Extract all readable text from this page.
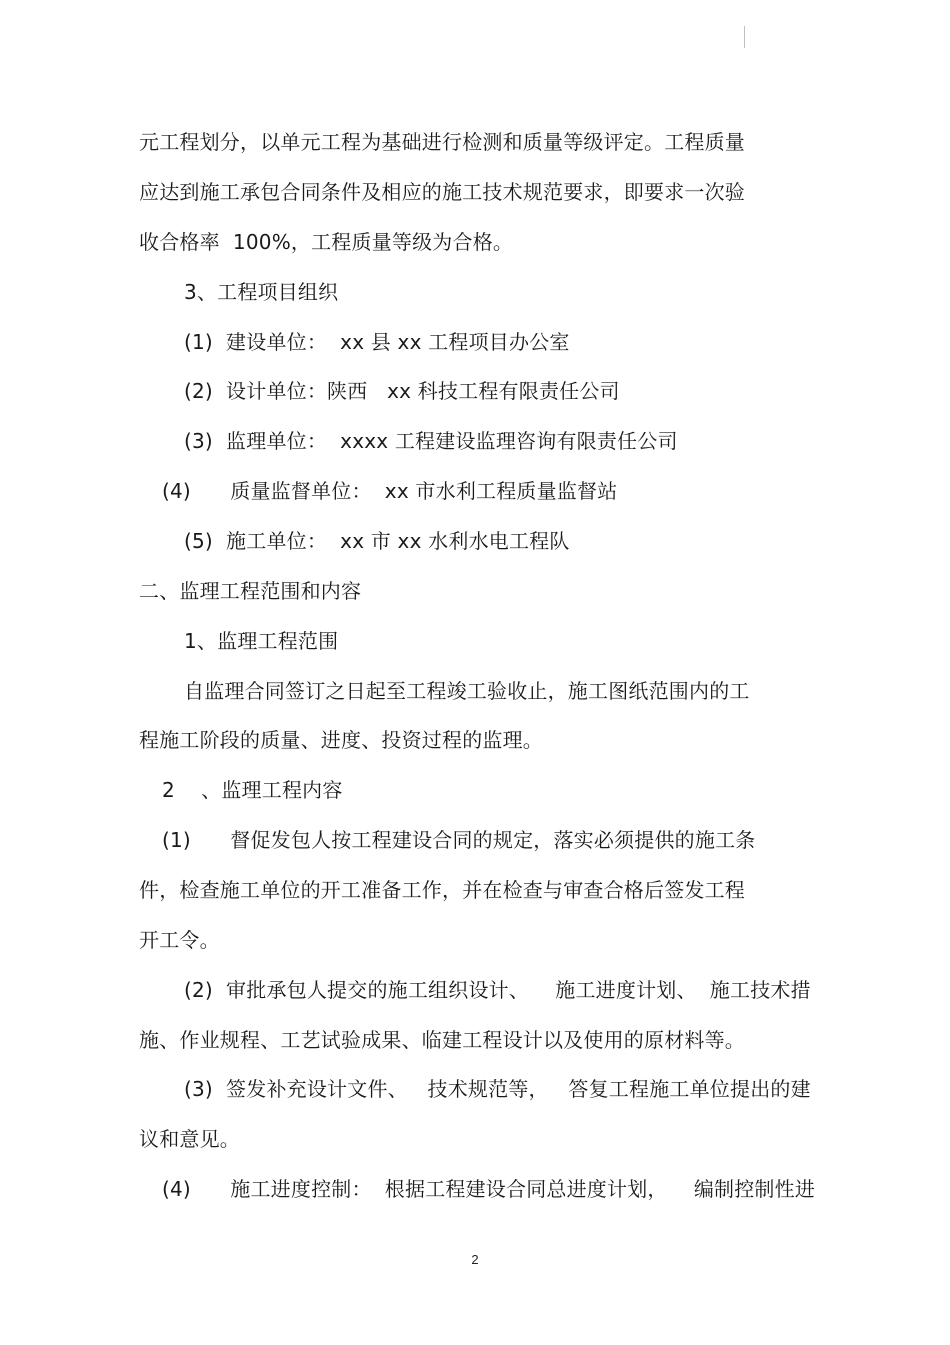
元工程划分，以单元工程为基础进行检测和质量等级评定。工程质量
应达到施工承包合同条件及相应的施工技术规范要求，即要求一次验
收合格率  100%，工程质量等级为合格。
3、工程项目组织
(1)  建设单位：  xx 县 xx 工程项目办公室
(2)  设计单位：陕西   xx 科技工程有限责任公司
(3)  监理单位：  xxxx 工程建设监理咨询有限责任公司
(4)      质量监督单位：  xx 市水利工程质量监督站
(5)  施工单位：  xx 市 xx 水利水电工程队
二、监理工程范围和内容
1、监理工程范围
自监理合同签订之日起至工程竣工验收止，施工图纸范围内的工
程施工阶段的质量、进度、投资过程的监理。
2    、监理工程内容
(1)      督促发包人按工程建设合同的规定，落实必须提供的施工条
件，检查施工单位的开工准备工作，并在检查与审查合格后签发工程
开工令。
(2)  审批承包人提交的施工组织设计、    施工进度计划、  施工技术措
施、作业规程、工艺试验成果、临建工程设计以及使用的原材料等。
(3)  签发补充设计文件、   技术规范等，   答复工程施工单位提出的建
议和意见。
(4)      施工进度控制：  根据工程建设合同总进度计划，    编制控制性进
2
